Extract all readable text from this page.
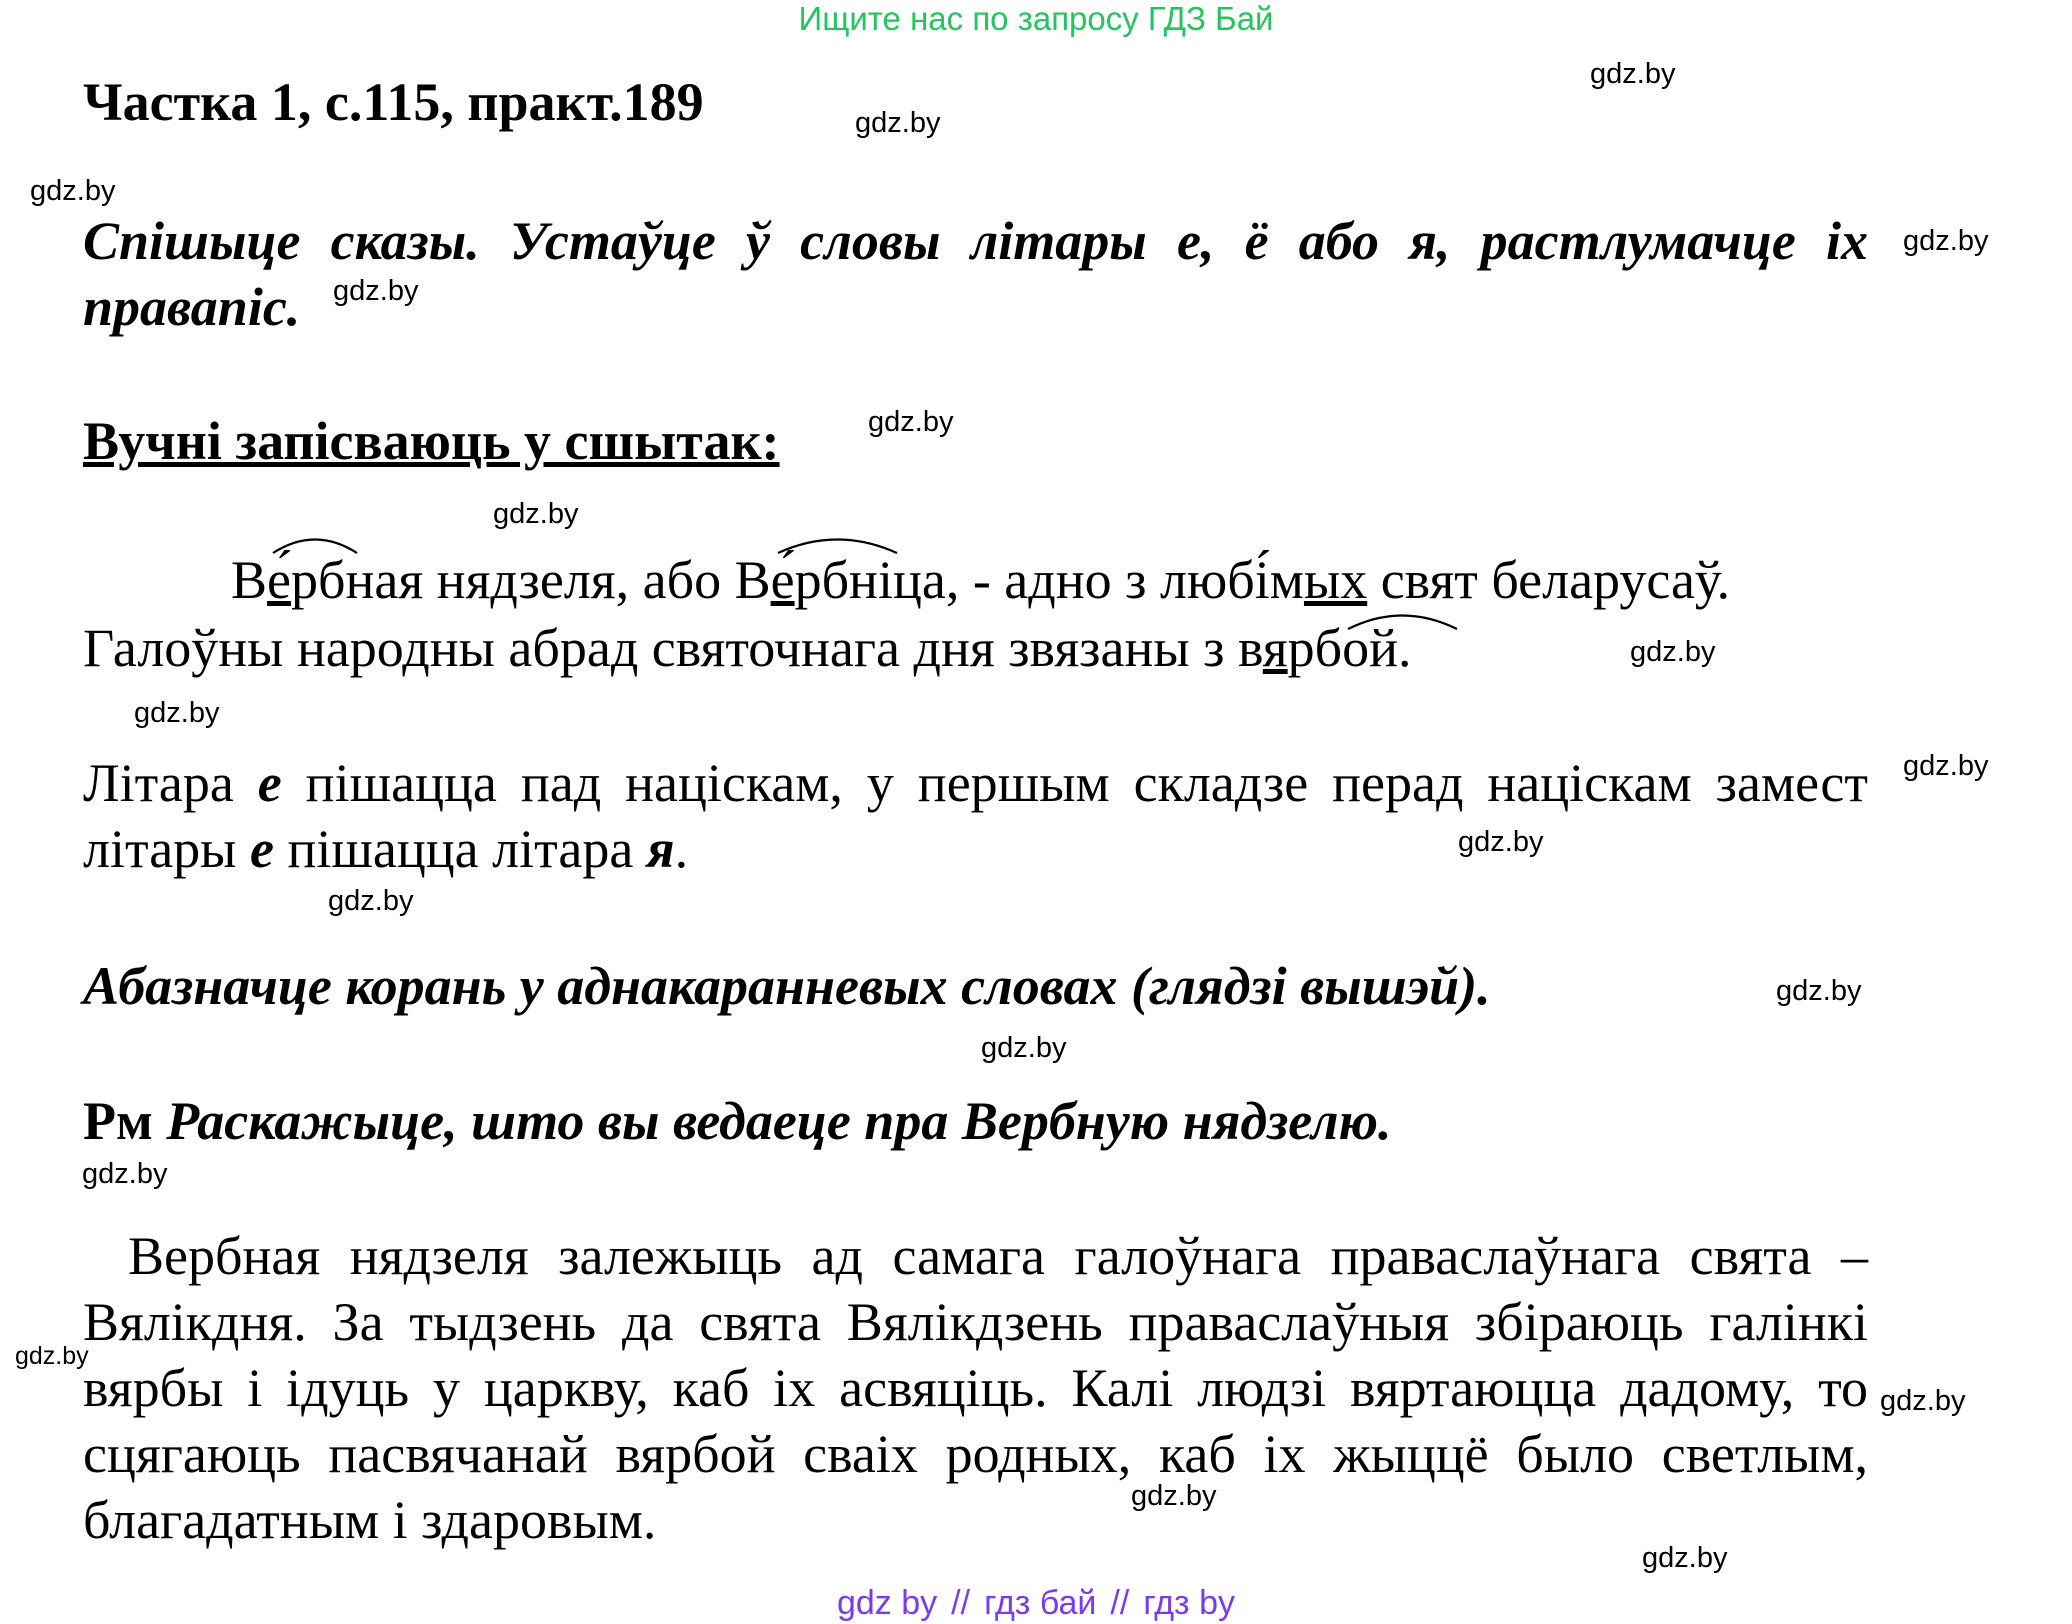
Ищите нас по запросу ГДЗ Бай
gdz.by
gdz.by
gdz.by
gdz.by
gdz.by
gdz.by
gdz.by
gdz.by
gdz.by
gdz.by
gdz.by
gdz.by
gdz.by
gdz.by
gdz.by
gdz.by
gdz.by
gdz.by
gdz.by
Частка 1, с.115, практ.189
Спішыце сказы. Устаўце ў словы літары е, ё або я, растлумачце іх правапіс.
Вучні запісваюць у сшытак:
Ве́рбная нядзеля, або Ве́рбніца, - адно з любі́мых свят беларусаў.
Галоўны народны абрад святочнага дня звязаны з вярбой.
Літара е пішацца пад націскам, у першым складзе перад націскам замест літары е пішацца літара я.
Абазначце корань у аднакаранневых словах (глядзі вышэй).
Рм Раскажыце, што вы ведаеце пра Вербную нядзелю.
Вербная нядзеля залежыць ад самага галоўнага праваслаўнага свята – Вялікдня. За тыдзень да свята Вялікдзень праваслаўныя збіраюць галінкі вярбы і ідуць у царкву, каб іх асвяціць. Калі людзі вяртаюцца дадому, то сцягаюць пасвячанай вярбой сваіх родных, каб іх жыццё было светлым, благадатным і здаровым.
gdz by // гдз бай // гдз by
